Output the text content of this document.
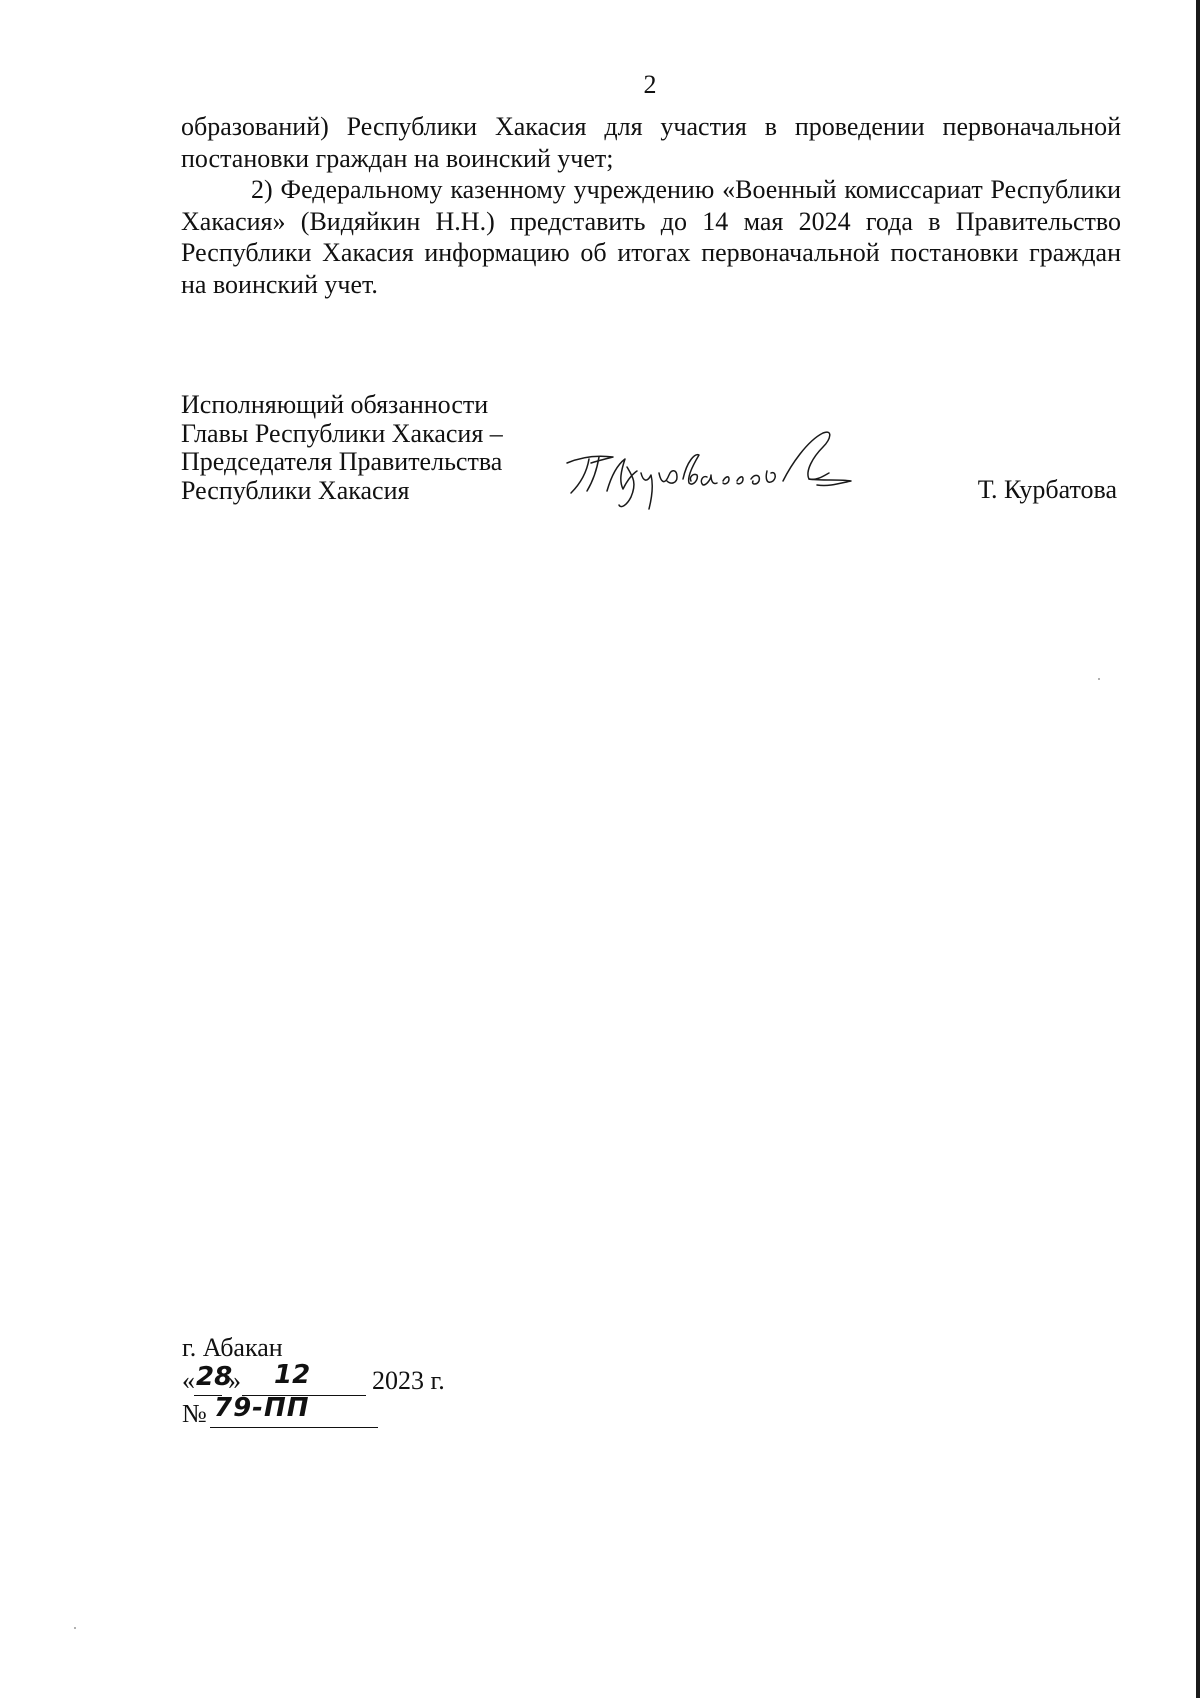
2

образований) Республики Хакасия для участия в проведении первоначальной постановки граждан на воинский учет;

2) Федеральному казенному учреждению «Военный комиссариат Республики Хакасия» (Видяйкин Н.Н.) представить до 14 мая 2024 года в Правительство Республики Хакасия информацию об итогах первоначальной постановки граждан на воинский учет.

Исполняющий обязанности
Главы Республики Хакасия –
Председателя Правительства
Республики Хакасия	Т. Курбатова
г. Абакан
« 28
» 12 2023 г.
№ 79-ПП
